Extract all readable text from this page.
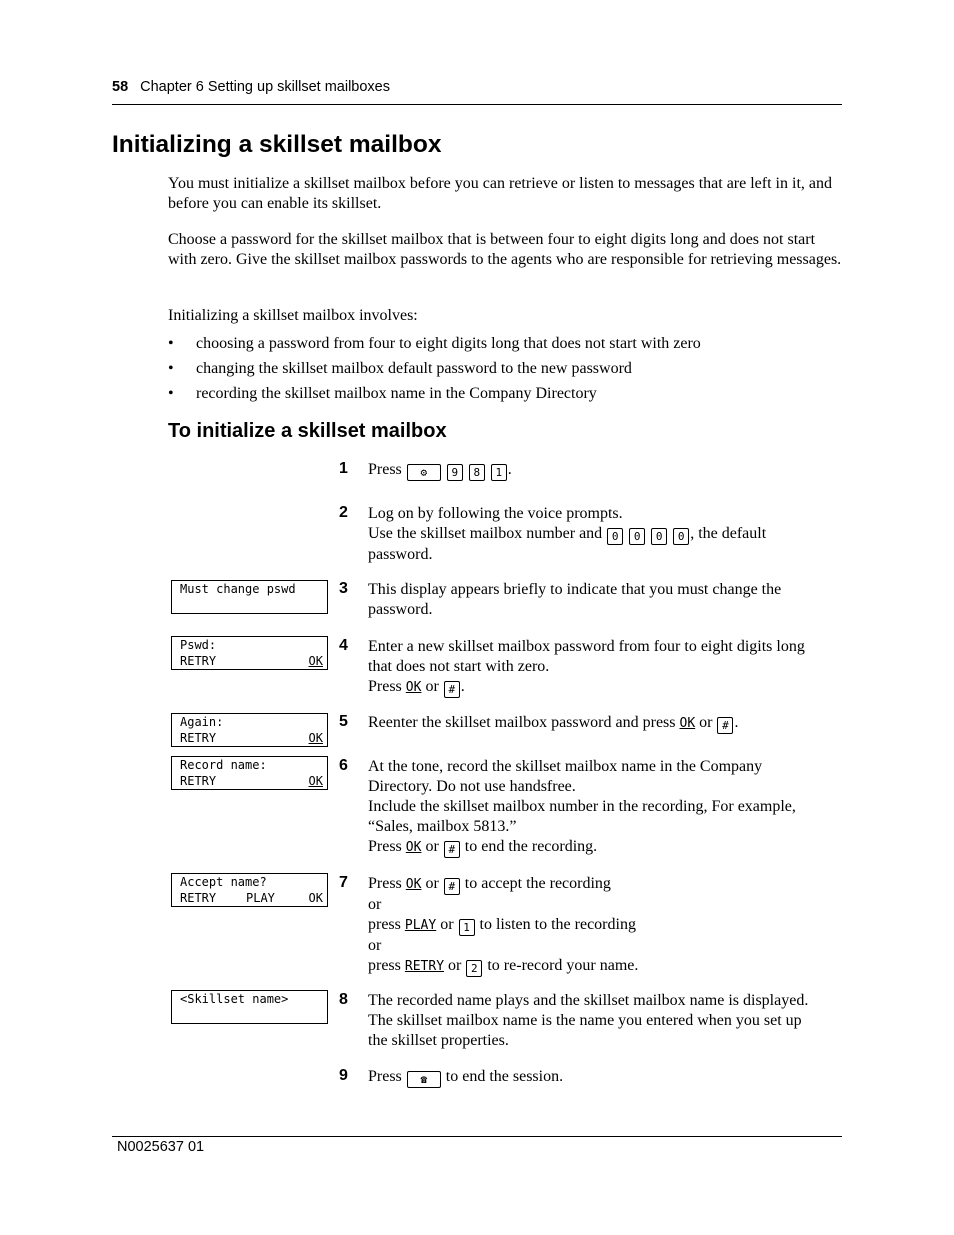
58 Chapter 6 Setting up skillset mailboxes
Initializing a skillset mailbox

You must initialize a skillset mailbox before you can retrieve or listen to messages that are left in it, and before you can enable its skillset.

Choose a password for the skillset mailbox that is between four to eight digits long and does not start with zero. Give the skillset mailbox passwords to the agents who are responsible for retrieving messages.

Initializing a skillset mailbox involves:

• choosing a password from four to eight digits long that does not start with zero
• changing the skillset mailbox default password to the new password
• recording the skillset mailbox name in the Company Directory
To initialize a skillset mailbox
1 Press ⚙ 9 8 1 .
2 Log on by following the voice prompts.
Use the skillset mailbox number and 0 0 0 0 , the default
password.
Must change pswd	3 This display appears briefly to indicate that you must change the
password.
Pswd:
RETRY	OK
4 Enter a new skillset mailbox password from four to eight digits long
that does not start with zero.
Press OK or # .
Again:
RETRY	OK
5 Reenter the skillset mailbox password and press OK or # .
Record name:
RETRY	OK
6 At the tone, record the skillset mailbox name in the Company
Directory. Do not use handsfree.
Include the skillset mailbox number in the recording, For example,
“Sales, mailbox 5813.”
Press OK or # to end the recording.
Accept name?
RETRY PLAY	OK
7 Press OK or # to accept the recording
or
press PLAY or 1 to listen to the recording
or
press RETRY or 2 to re-record your name.
<Skillset name>	8 The recorded name plays and the skillset mailbox name is displayed.
The skillset mailbox name is the name you entered when you set up
the skillset properties.
9 Press ☎ to end the session.
N0025637 01
